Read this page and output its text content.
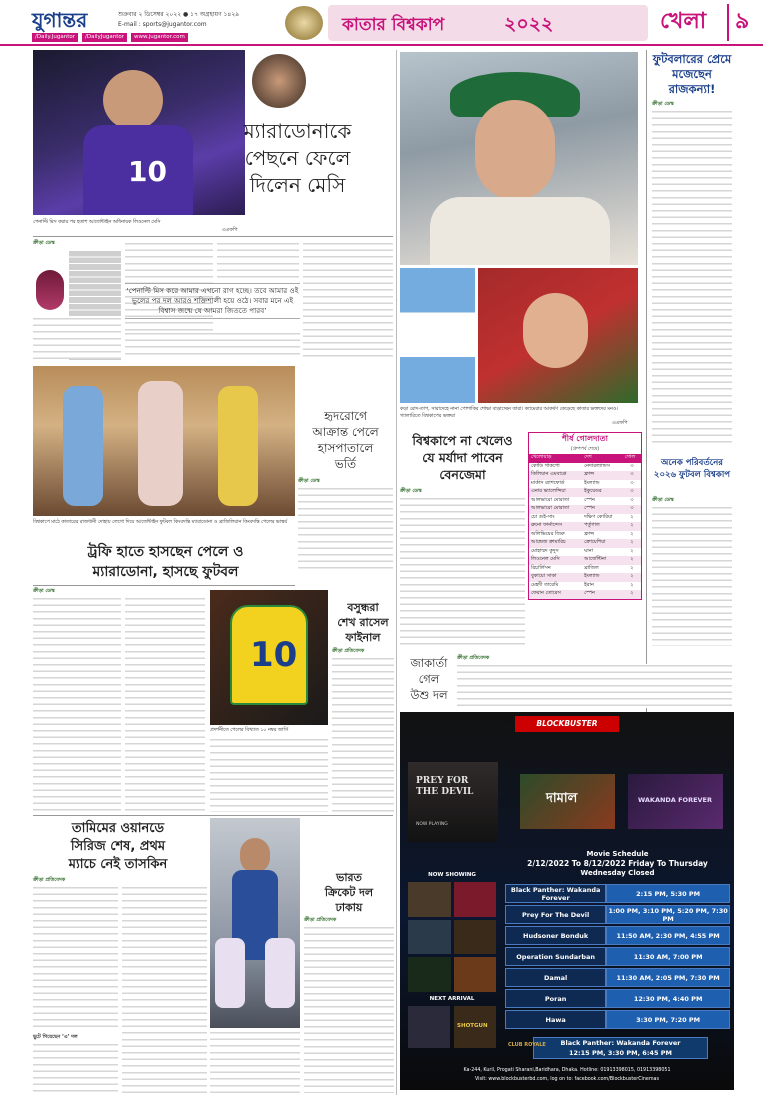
যুগান্তর	শুক্রবার ২ ডিসেম্বর ২০২২ ● ১৭ অগ্রহায়ণ ১৪২৯
E-mail : sports@jugantor.com
/Daily.Jugantor	/DailyJugantor	www.jugantor.com
কাতার বিশ্বকাপ	২০২২	খেলা	৯
10
ম্যারাডোনাকে
পেছনে ফেলে
দিলেন মেসি
পেনাল্টি মিস করার পর হতাশ আর্জেন্টাইন অধিনায়ক লিওনেল মেসি
এএফপি
ক্রীড়া ডেস্ক
‘পেনাল্টি মিস করে আমার এখনো রাগ হচ্ছে। তবে আমার ওই ভুলের পর দল আরও শক্তিশালী হয়ে ওঠে। সবার মনে এই বিশ্বাস জন্মে যে আমরা জিততে পারব’
কড়া রোদ-তাপ, সারাদেহে নানা পোশাকির শোভা বাড়াচ্ছেন তারা। ক্যামেরার আকর্ষণ কেড়েছে কাতার ভক্তদের মনও। গ্যালারিতে বিশ্বকাপের ভক্তরা
এএফপি
ফুটবলারের প্রেমে মজেছেন রাজকন্যা!
ক্রীড়া ডেস্ক
হৃদরোগে
আক্রান্ত পেলে
হাসপাতালে
ভর্তি
ক্রীড়া ডেস্ক
বিশ্বকাপে মাঠে কাতারের রাজধানী দোহায় লেগো দিয়ে আর্জেন্টাইন ফুটবল কিংবদন্তি ম্যারাডোনা ও ব্রাজিলিয়ান কিংবদন্তি পেলের ভাস্কর্য
ট্রফি হাতে হাসছেন পেলে ও
ম্যারাডোনা, হাসছে ফুটবল
ক্রীড়া ডেস্ক
10
প্রদর্শনীতে পেলের বিখ্যাত ১০ নম্বর জার্সি
বসুন্ধরা
শেখ রাসেল
ফাইনাল
ক্রীড়া প্রতিবেদক
বিশ্বকাপে না খেলেও
যে মর্যাদা পাবেন
বেনজেমা
ক্রীড়া ডেস্ক
শীর্ষ গোলদাতা
(গ্রুপপর্ব শেষে)
খেলোয়াড়	দেশ	গোল
কোডি গাকপো	নেদারল্যান্ডস	৩
কিলিয়ান এমবাপ্পে	ফ্রান্স	৩
মার্কাস র‍্যাশফোর্ড	ইংল্যান্ড	৩
এনার ভ্যালেন্সিয়া	ইকুয়েডর	৩
আলভারো মোরাতা	স্পেন	৩
আলভারো মোরাতা	স্পেন	৩
চো গুই-সাং	দক্ষিণ কোরিয়া	২
ব্রুনো ফার্নান্দেস	পর্তুগাল	২
অলিভিয়ের জিরু	ফ্রান্স	২
আন্দ্রেজ ক্রামারিচ	ক্রোয়েশিয়া	২
মোহাম্মদ কুদুস	ঘানা	২
লিওনেল মেসি	আর্জেন্টিনা	২
রিচার্লিসন	ব্রাজিল	২
বুকায়ো সাকা	ইংল্যান্ড	২
মেহদী তারেমি	ইরান	২
ফেরান তোরেস	স্পেন	২
অনেক পরিবর্তনের ২০২৬ ফুটবল বিশ্বকাপ
ক্রীড়া ডেস্ক
জাকার্তা
গেল
উশু দল
ক্রীড়া প্রতিবেদক
BLOCKBUSTER
PREY FOR THE DEVIL
NOW PLAYING
দামাল	WAKANDA FOREVER
NOW SHOWING
NEXT ARRIVAL
SHOTGUN
Movie Schedule
2/12/2022 To 8/12/2022 Friday To Thursday
Wednesday Closed
Black Panther: Wakanda Forever	2:15 PM, 5:30 PM
Prey For The Devil	1:00 PM, 3:10 PM, 5:20 PM, 7:30 PM
Hudsoner Bonduk	11:50 AM, 2:30 PM, 4:55 PM
Operation Sundarban	11:30 AM, 7:00 PM
Damal	11:30 AM, 2:05 PM, 7:30 PM
Poran	12:30 PM, 4:40 PM
Hawa	3:30 PM, 7:20 PM
Black Panther: Wakanda Forever
12:15 PM, 3:30 PM, 6:45 PM
CLUB ROYALE
Ka-244, Kuril, Progati Sharani,Baridhara, Dhaka. Hotline: 01913398015, 01913398051
Visit: www.blockbusterbd.com, log on to: facebook.com/BlockbusterCinemas
তামিমের ওয়ানডে
সিরিজ শেষ, প্রথম
ম্যাচে নেই তাসকিন
ক্রীড়া প্রতিবেদক
ছুটে গিয়েছেন ‘এ’ দল
ভারত
ক্রিকেট দল
ঢাকায়
ক্রীড়া প্রতিবেদক
